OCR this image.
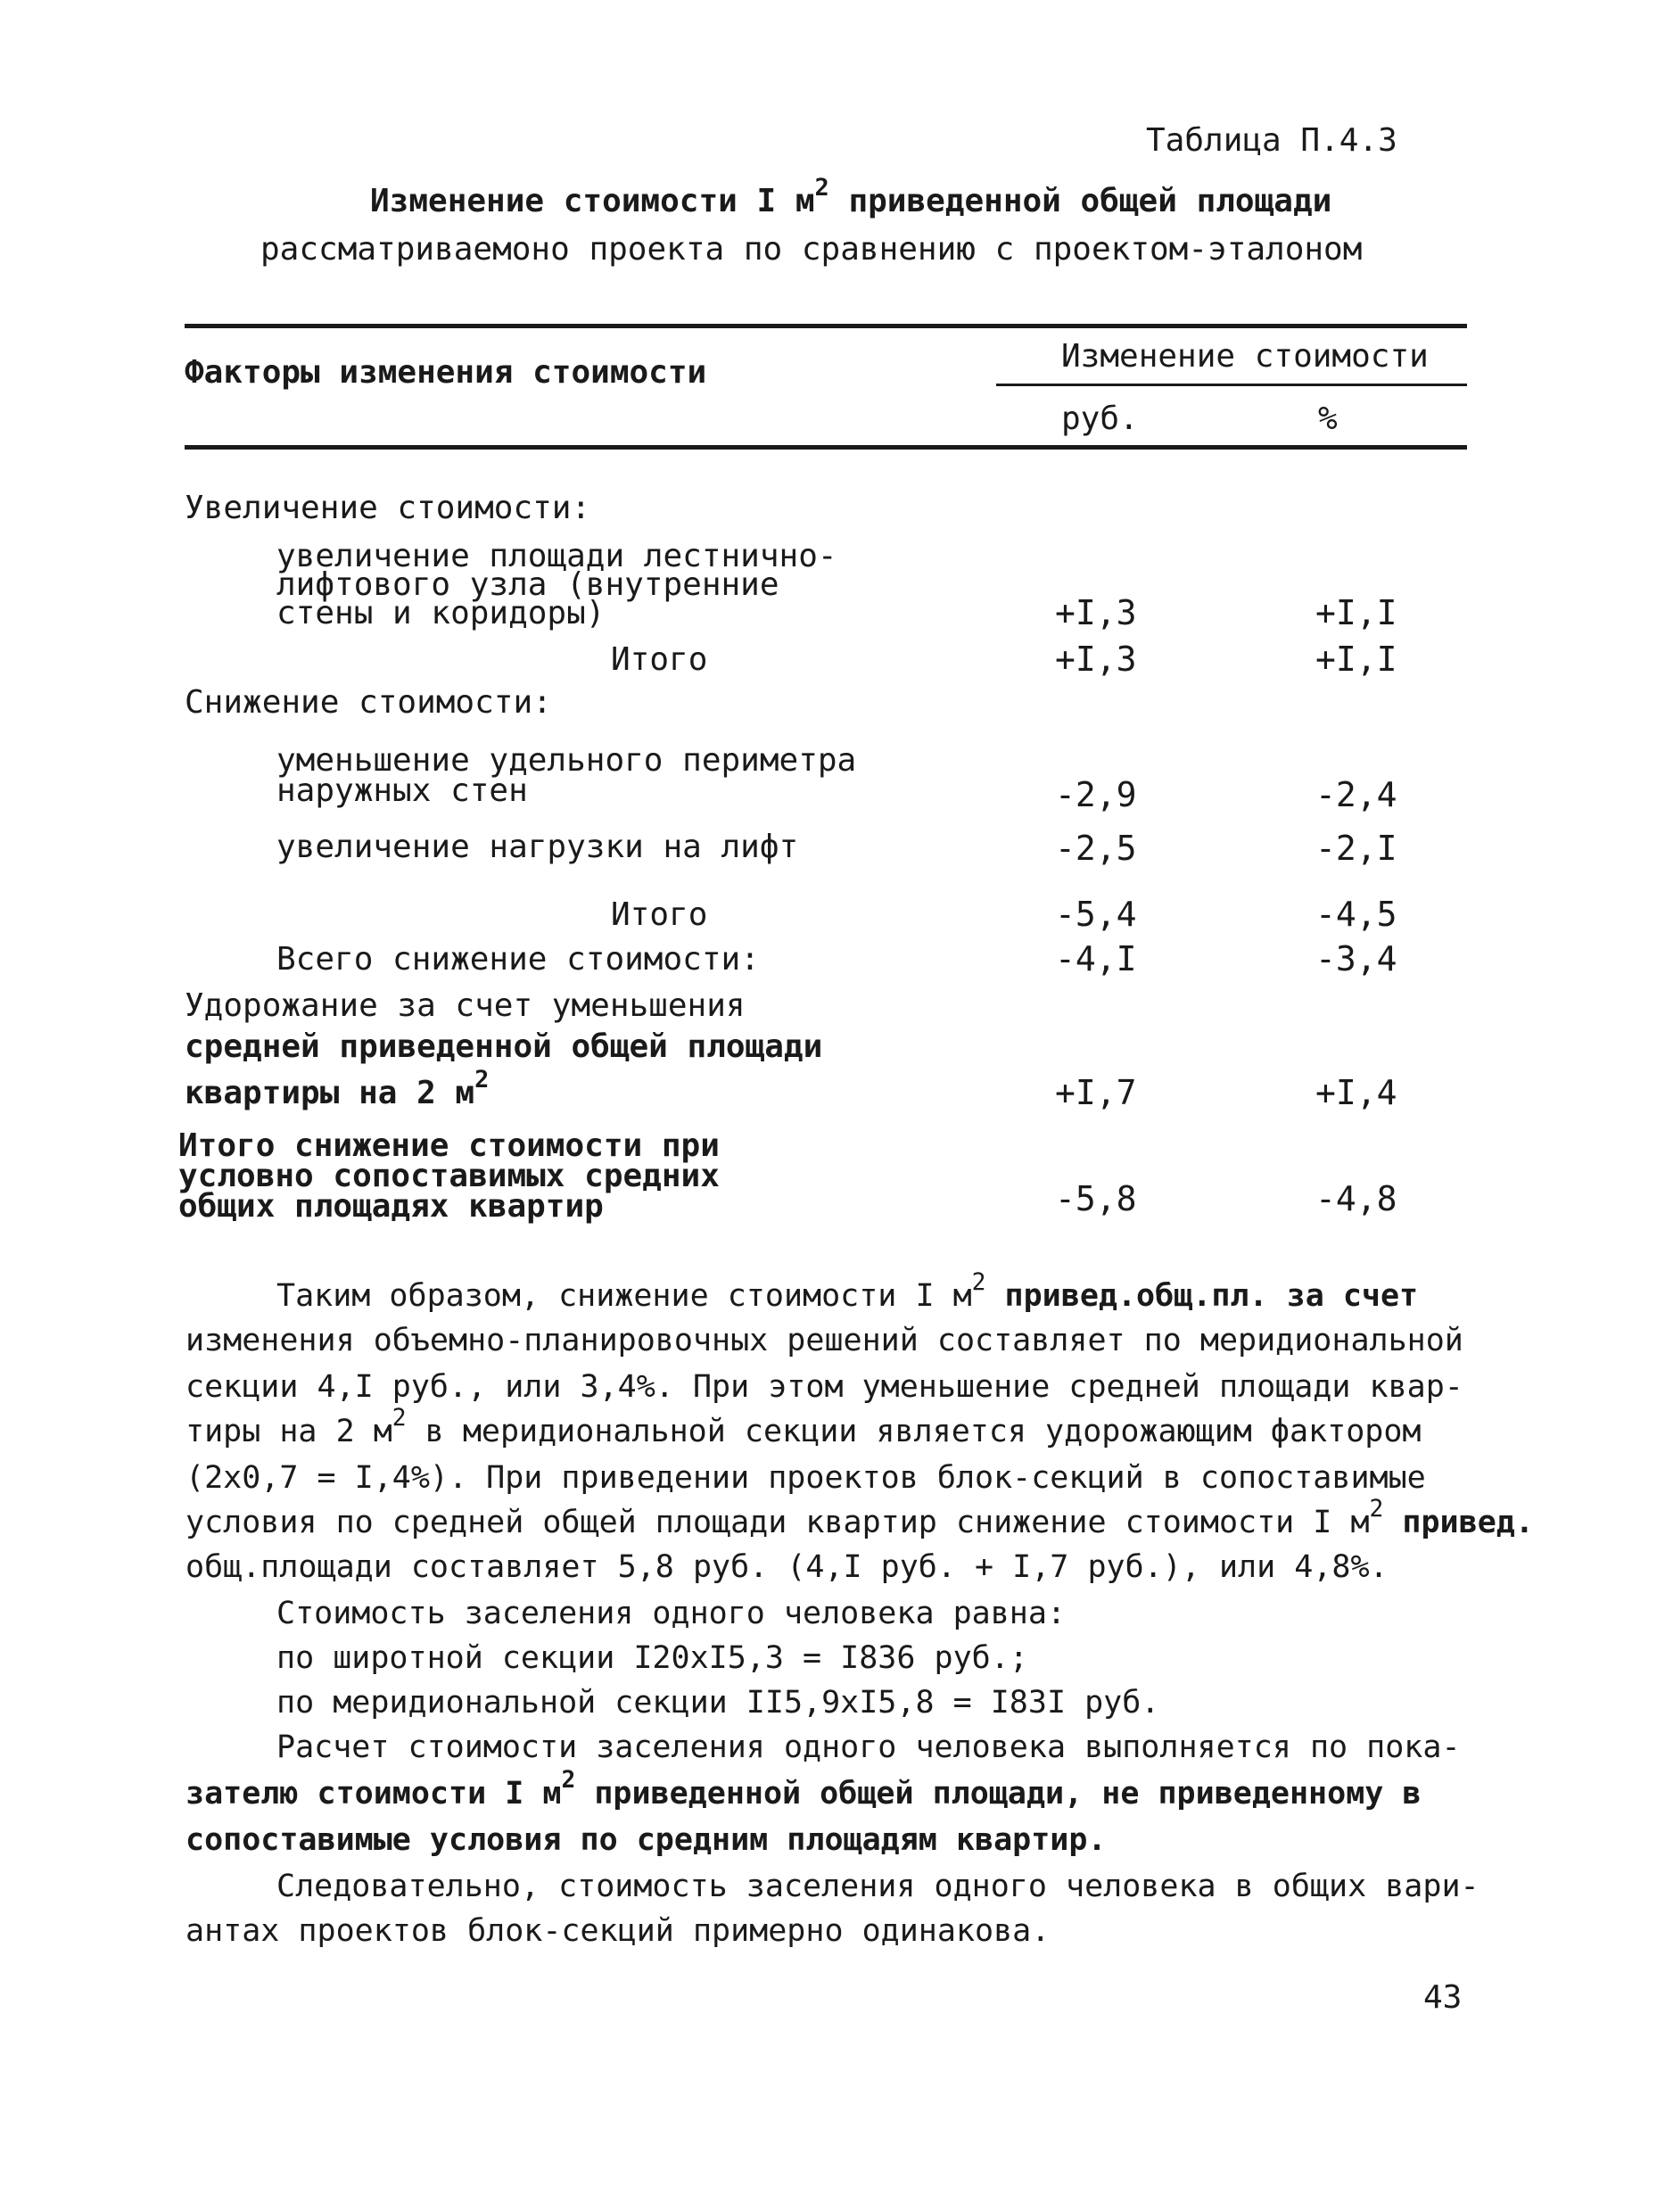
Таблица П.4.3
Изменение стоимости I $м^2$ приведенной общей площади
рассматриваемоно проекта по сравнению с проектом-эталоном
Факторы изменения стоимости	Изменение стоимости
руб.	%
Увеличение стоимости:
увеличение площади лестнично-
лифтового узла (внутренние
стены и коридоры)	+I,3	+I,I
Итого	+I,3	+I,I
Снижение стоимости:
уменьшение удельного периметра
наружных стен	-2,9	-2,4
увеличение нагрузки на лифт	-2,5	-2,I
Итого	-5,4	-4,5
Всего снижение стоимости:	-4,I	-3,4
Удорожание за счет уменьшения
средней приведенной общей площади
квартиры на 2 $м^2$	+I,7	+I,4
Итого снижение стоимости при
условно сопоставимых средних
общих площадях квартир	-5,8	-4,8
Таким образом, снижение стоимости I $м^2$ привед.общ.пл. за счет
изменения объемно-планировочных решений составляет по меридиональной
секции 4,I руб., или 3,4%. При этом уменьшение средней площади квар-
тиры на 2 $м^2$ в меридиональной секции является удорожающим фактором
(2х0,7 = I,4%). При приведении проектов блок-секций в сопоставимые
условия по средней общей площади квартир снижение стоимости I $м^2$ привед.
общ.площади составляет 5,8 руб. (4,I руб. + I,7 руб.), или 4,8%.
Стоимость заселения одного человека равна:
по широтной секции I20хI5,3 = I836 руб.;
по меридиональной секции II5,9хI5,8 = I83I руб.
Расчет стоимости заселения одного человека выполняется по пока-
зателю стоимости I $м^2$ приведенной общей площади, не приведенному в
сопоставимые условия по средним площадям квартир.
Следовательно, стоимость заселения одного человека в общих вари-
антах проектов блок-секций примерно одинакова.
43
